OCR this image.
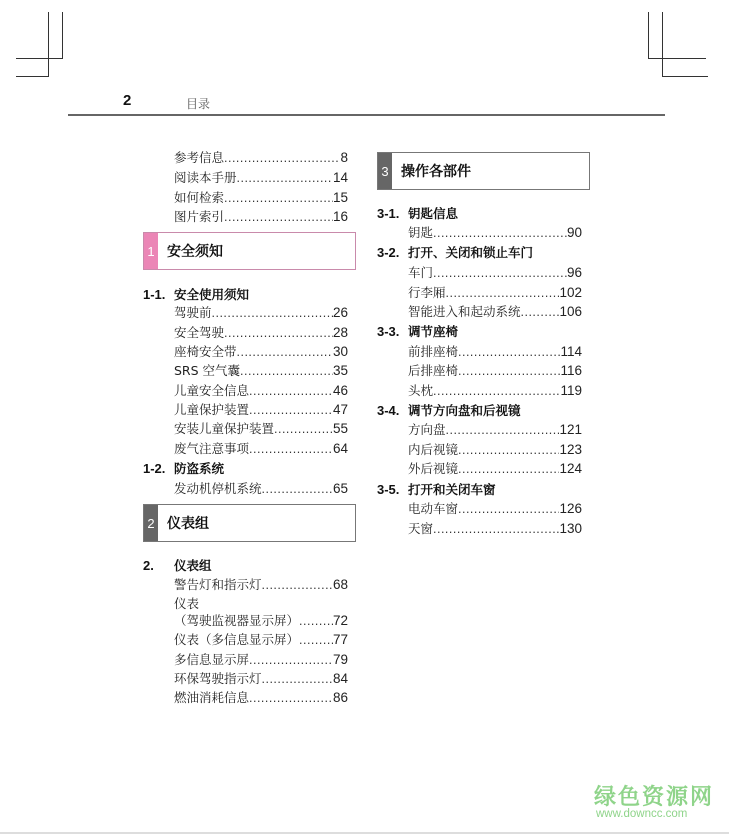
2	目录
参考信息 .....	8
阅读本手册 .....	14
如何检索 .....	15
图片索引 .....	16
1 安全须知
1-1. 安全使用须知
驾驶前 .....	26
安全驾驶 .....	28
座椅安全带 .....	30
SRS 空气囊 .....	35
儿童安全信息 .....	46
儿童保护装置 .....	47
安装儿童保护装置 .....	55
废气注意事项 .....	64
1-2. 防盗系统
发动机停机系统 .....	65
2 仪表组
2. 仪表组
警告灯和指示灯 .....	68
仪表
（驾驶监视器显示屏） .....	72
仪表（多信息显示屏） .....	77
多信息显示屏 .....	79
环保驾驶指示灯 .....	84
燃油消耗信息 .....	86
3 操作各部件
3-1. 钥匙信息
钥匙 .....	90
3-2. 打开、关闭和锁止车门
车门 .....	96
行李厢 .....	102
智能进入和起动系统 .....	106
3-3. 调节座椅
前排座椅 .....	114
后排座椅 .....	116
头枕 .....	119
3-4. 调节方向盘和后视镜
方向盘 .....	121
内后视镜 .....	123
外后视镜 .....	124
3-5. 打开和关闭车窗
电动车窗 .....	126
天窗 .....	130
绿色资源网
www.downcc.com
